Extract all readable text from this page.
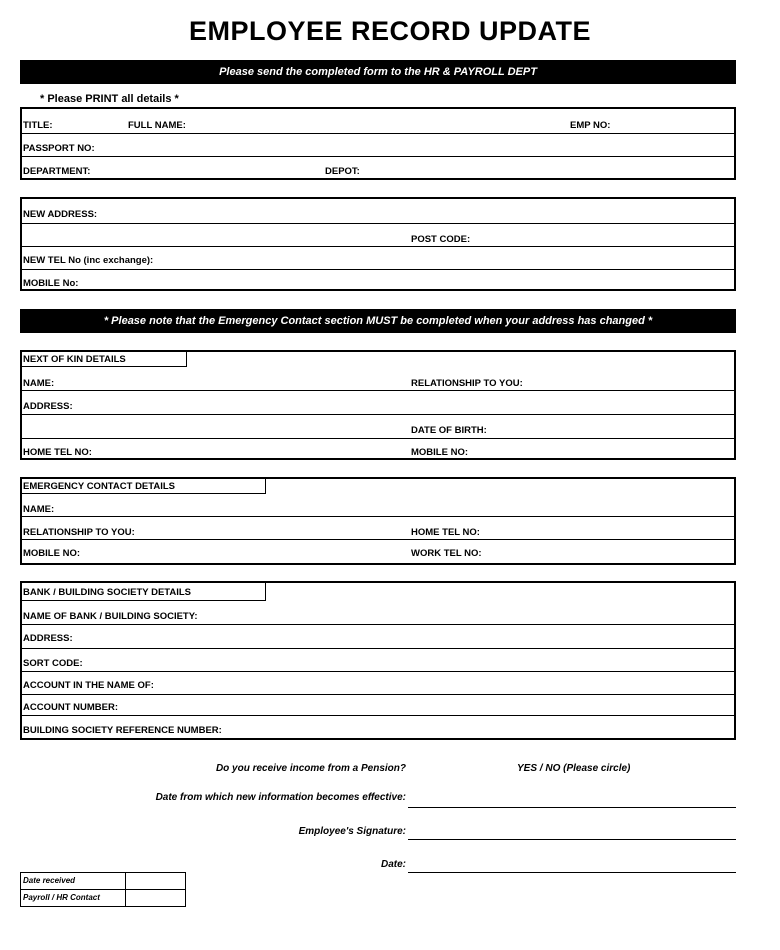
EMPLOYEE RECORD UPDATE
Please send the completed form to the HR & PAYROLL DEPT
* Please PRINT all details *
TITLE:	FULL NAME:	EMP NO:
PASSPORT NO:
DEPARTMENT:	DEPOT:
NEW ADDRESS:
POST CODE:
NEW TEL No (inc exchange):
MOBILE No:
* Please note that the Emergency Contact section MUST be completed when your address has changed *
NEXT OF KIN DETAILS
NAME:	RELATIONSHIP TO YOU:
ADDRESS:
DATE OF BIRTH:
HOME TEL NO:	MOBILE NO:
EMERGENCY CONTACT DETAILS
NAME:
RELATIONSHIP TO YOU:	HOME TEL NO:
MOBILE NO:	WORK TEL NO:
BANK / BUILDING SOCIETY DETAILS
NAME OF BANK / BUILDING SOCIETY:
ADDRESS:
SORT CODE:
ACCOUNT IN THE NAME OF:
ACCOUNT NUMBER:
BUILDING SOCIETY REFERENCE NUMBER:
Do you receive income from a Pension?	YES / NO (Please circle)
Date from which new information becomes effective:
Employee's Signature:
Date:
Date received
Payroll / HR Contact
